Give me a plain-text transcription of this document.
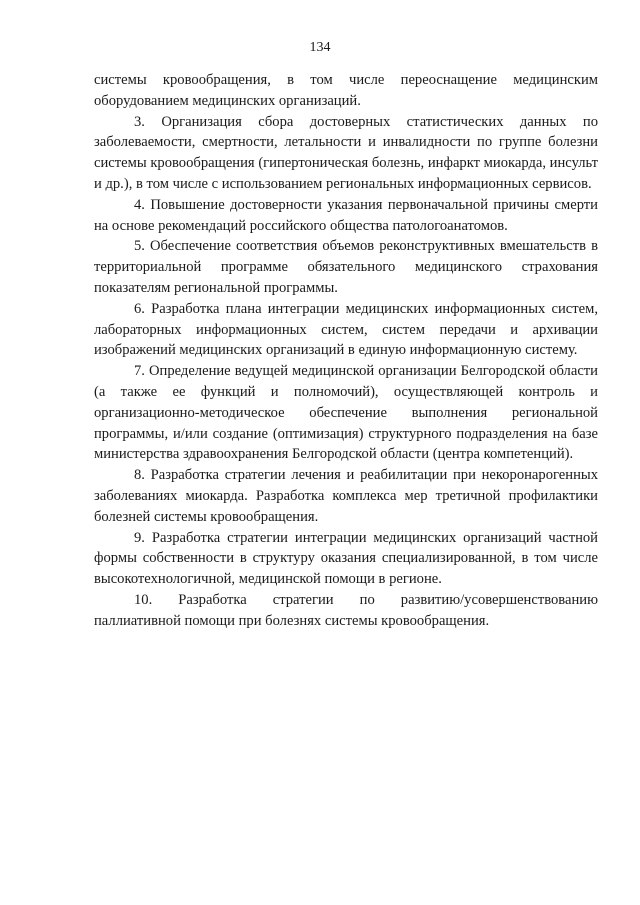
134

системы кровообращения, в том числе переоснащение медицинским оборудованием медицинских организаций.

3. Организация сбора достоверных статистических данных по заболеваемости, смертности, летальности и инвалидности по группе болезни системы кровообращения (гипертоническая болезнь, инфаркт миокарда, инсульт и др.), в том числе с использованием региональных информационных сервисов.

4. Повышение достоверности указания первоначальной причины смерти на основе рекомендаций российского общества патологоанатомов.

5. Обеспечение соответствия объемов реконструктивных вмешательств в территориальной программе обязательного медицинского страхования показателям региональной программы.

6. Разработка плана интеграции медицинских информационных систем, лабораторных информационных систем, систем передачи и архивации изображений медицинских организаций в единую информационную систему.

7. Определение ведущей медицинской организации Белгородской области (а также ее функций и полномочий), осуществляющей контроль и организационно-методическое обеспечение выполнения региональной программы, и/или создание (оптимизация) структурного подразделения на базе министерства здравоохранения Белгородской области (центра компетенций).

8. Разработка стратегии лечения и реабилитации при некоронарогенных заболеваниях миокарда. Разработка комплекса мер третичной профилактики болезней системы кровообращения.

9. Разработка стратегии интеграции медицинских организаций частной формы собственности в структуру оказания специализированной, в том числе высокотехнологичной, медицинской помощи в регионе.

10. Разработка стратегии по развитию/усовершенствованию паллиативной помощи при болезнях системы кровообращения.
